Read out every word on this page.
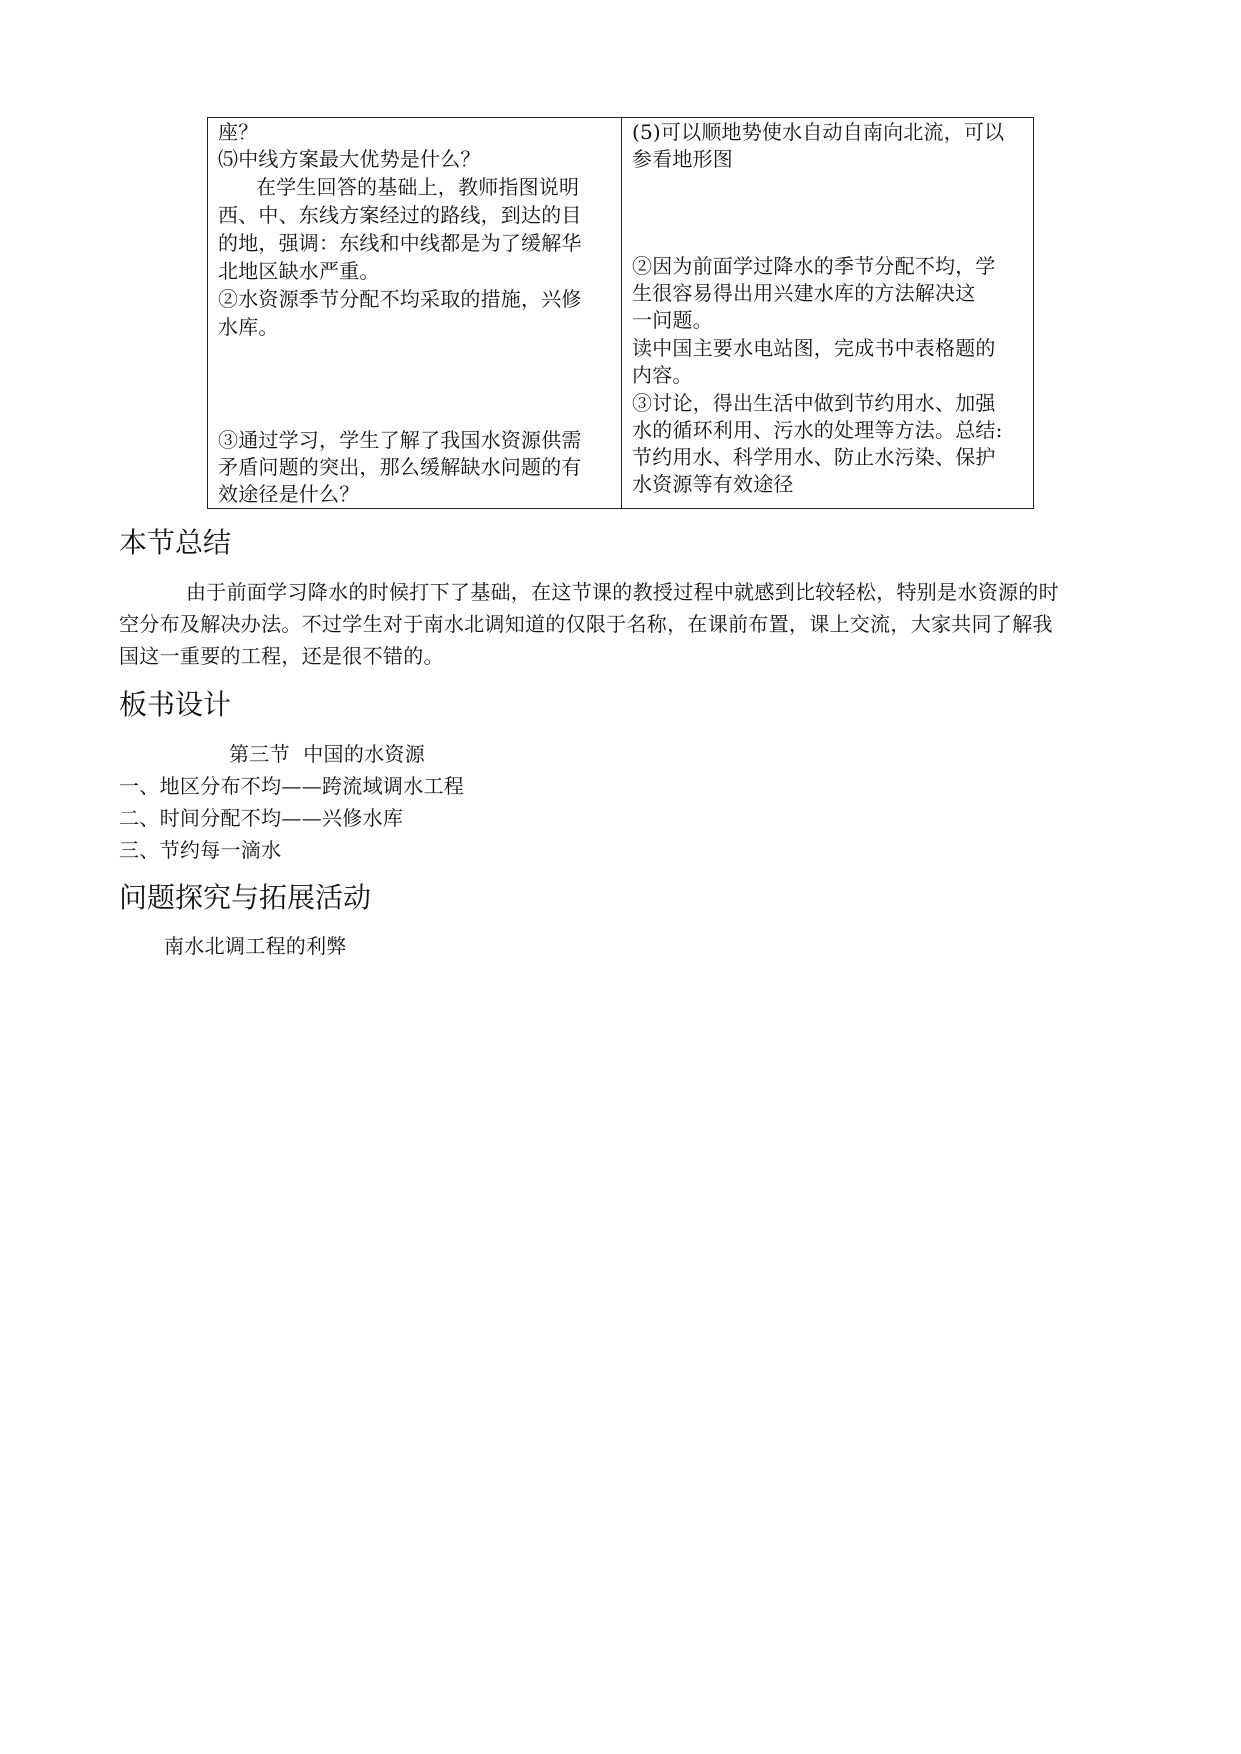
座？
⑸中线方案最大优势是什么？
在学生回答的基础上，教师指图说明
西、中、东线方案经过的路线，到达的目
的地，强调：东线和中线都是为了缓解华
北地区缺水严重。
②水资源季节分配不均采取的措施，兴修
水库。
③通过学习，学生了解了我国水资源供需
矛盾问题的突出，那么缓解缺水问题的有
效途径是什么？
(5)可以顺地势使水自动自南向北流，可以
参看地形图
②因为前面学过降水的季节分配不均，学
生很容易得出用兴建水库的方法解决这
一问题。
读中国主要水电站图，完成书中表格题的
内容。
③讨论，得出生活中做到节约用水、加强
水的循环利用、污水的处理等方法。总结:
节约用水、科学用水、防止水污染、保护
水资源等有效途径
本节总结
由于前面学习降水的时候打下了基础，在这节课的教授过程中就感到比较轻松，特别是水资源的时
空分布及解决办法。不过学生对于南水北调知道的仅限于名称，在课前布置，课上交流，大家共同了解我
国这一重要的工程，还是很不错的。
板书设计
第三节  中国的水资源
一、地区分布不均——跨流域调水工程
二、时间分配不均——兴修水库
三、节约每一滴水
问题探究与拓展活动
南水北调工程的利弊
